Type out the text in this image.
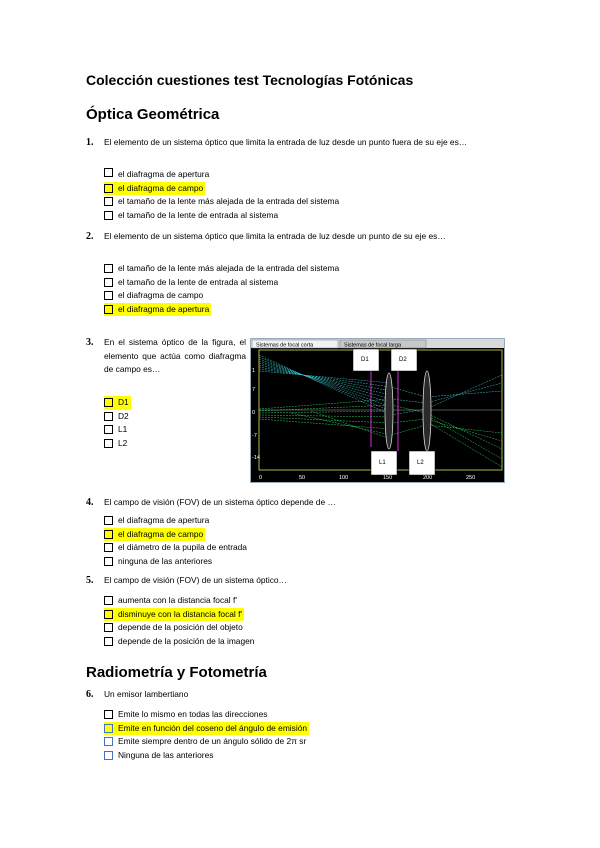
Colección cuestiones test Tecnologías Fotónicas
Óptica Geométrica
1. El elemento de un sistema óptico que limita la entrada de luz desde un punto fuera de su eje es…
el diafragma de apertura
el diafragma de campo
el tamaño de la lente más alejada de la entrada del sistema
el tamaño de la lente de entrada al sistema
2. El elemento de un sistema óptico que limita la entrada de luz desde un punto de su eje es…
el tamaño de la lente más alejada de la entrada del sistema
el tamaño de la lente de entrada al sistema
el diafragma de campo
el diafragma de apertura
3. En el sistema óptico de la figura, el elemento que actúa como diafragma de campo es…
D1
D2
L1
L2
Sistemas de focal corta	Sistemas de focal larga
1
7
0
-7
-14
0	50	100	150	200	250
D1	D2
L1	L2
4. El campo de visión (FOV) de un sistema óptico depende de …
el diafragma de apertura
el diafragma de campo
el diámetro de la pupila de entrada
ninguna de las anteriores
5. El campo de visión (FOV) de un sistema óptico…
aumenta con la distancia focal f'
disminuye con la distancia focal f'
depende de la posición del objeto
depende de la posición de la imagen
Radiometría y Fotometría
6. Un emisor lambertiano
Emite lo mismo en todas las direcciones
Emite en función del coseno del ángulo de emisión
Emite siempre dentro de un ángulo sólido de 2π sr
Ninguna de las anteriores
